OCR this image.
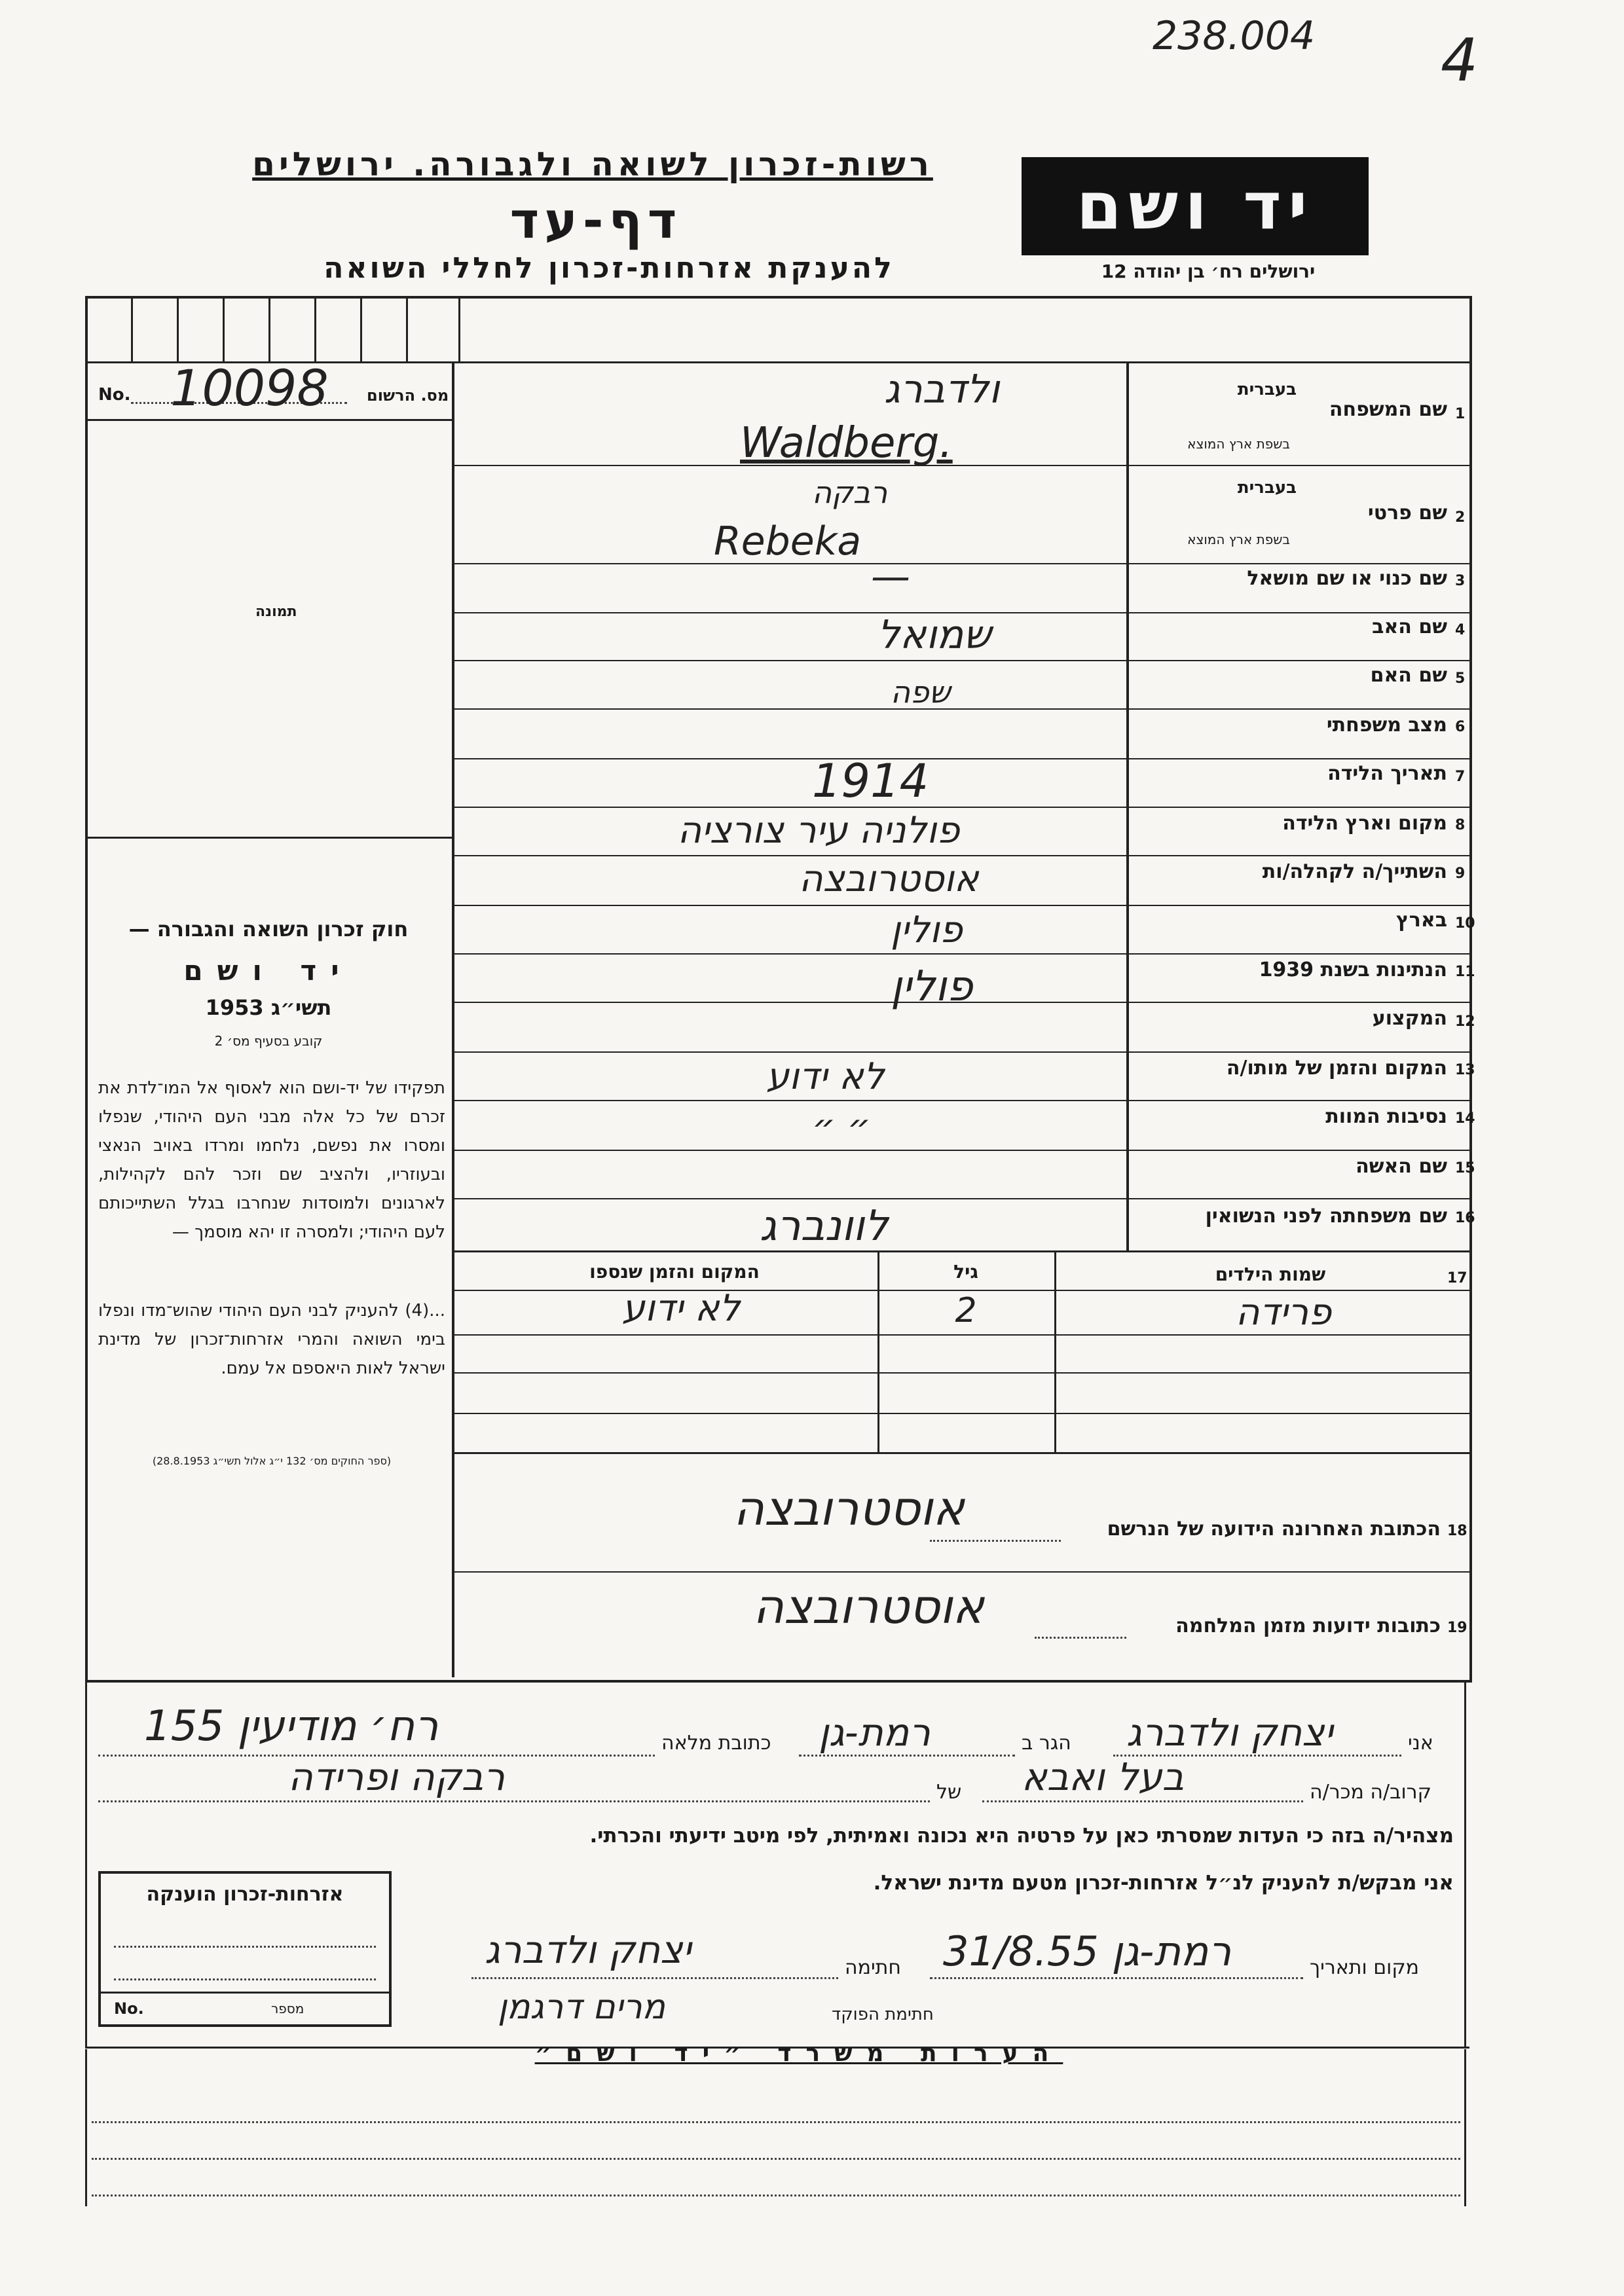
238.004 4
רשות-זכרון לשואה ולגבורה. ירושלים
דף-עד
להענקת אזרחות-זכרון לחללי השואה
יד ושם
ירושלים רח׳ בן יהודה 12
No.	מס. הרשום
10098
תמונה
חוק זכרון השואה והגבורה —
יד ושם
תשי״ג 1953
קובע בסעיף מס׳ 2
תפקידו של יד-ושם הוא לאסוף אל המו־לדת את זכרם של כל אלה מבני העם היהודי, שנפלו ומסרו את נפשם, נלחמו ומרדו באויב הנאצי ובעוזריו, ולהציב שם וזכר להם לקהילות, לארגונים ולמוסדות שנחרבו בגלל השתייכותם לעם היהודי; ולמסרה זו יהא מוסמך —
...(4) להעניק לבני העם היהודי שהוש־מדו ונפלו בימי השואה והמרי אזרחות־זכרון של מדינת ישראל לאות היאספם אל עמם.
(ספר החוקים מס׳ 132 י״ג אלול תשי״ג 28.8.1953)
1
שם המשפחה
בעברית
בשפת ארץ המוצא
ולדברג
Waldberg.
2
שם פרטי
בעברית
בשפת ארץ המוצא
רבקה
Rebeka
3
שם כנוי או שם מושאל
—
4
שם האב
שמואל
5
שם האם
שפה
6
מצב משפחתי
7
תאריך הלידה
1914
8
מקום וארץ הלידה
פולניה עיר צורציה
9
השתייך/ה לקהלה/ות
אוסטרובצה
10
בארץ
פולין
11
הנתינות בשנת 1939
פולין
12
המקצוע
13
המקום והזמן של מותו/ה
לא ידוע
14
נסיבות המוות
״ ״
15
שם האשה
16
שם משפחתה לפני הנשואין
לוונברג
17
שמות הילדים
גיל
המקום והזמן שנספו
פרידה
2
לא ידוע
18
הכתובת האחרונה הידועה של הנרשם
אוסטרובצה
19
כתובות ידועות מזמן המלחמה
אוסטרובצה
אני
יצחק ולדברג
הגר ב
רמת-גן
כתובת מלאה
רח׳ מודיעין 155
קרוב/ה מכר/ה
בעל ואבא
של
רבקה ופרידה
מצהיר/ה בזה כי העדות שמסרתי כאן על פרטיה היא נכונה ואמיתית, לפי מיטב ידיעתי והכרתי.
אני מבקש/ת להעניק לנ״ל אזרחות-זכרון מטעם מדינת ישראל.
מקום ותאריך
רמת-גן 31/8.55
חתימה
יצחק ולדברג
חתימת הפוקד
מרים דרגמן
אזרחות-זכרון הוענקה
No.	מספר
הערות משרד ״יד ושם״
